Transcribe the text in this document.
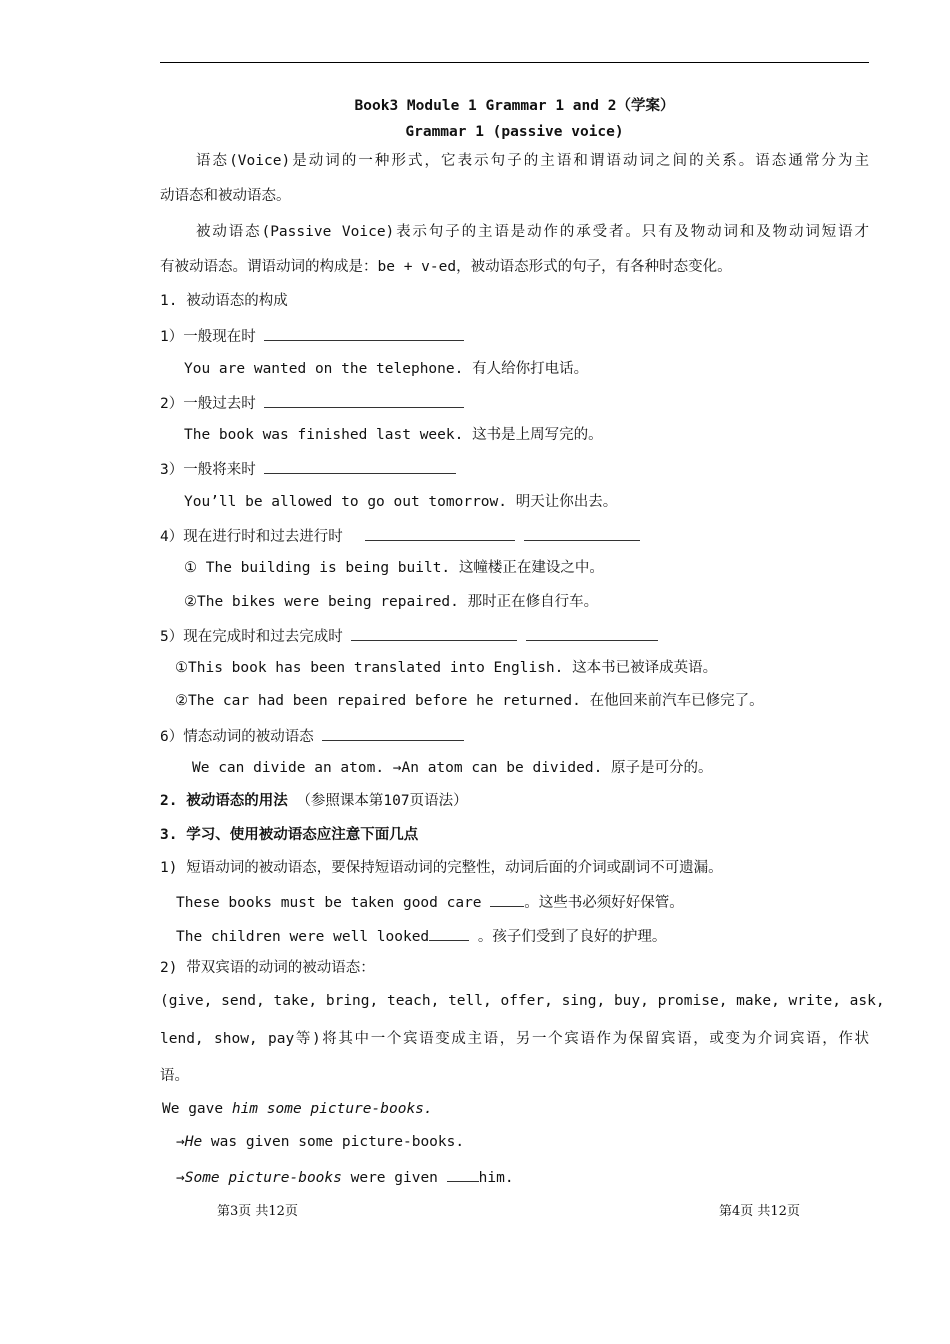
Book3 Module 1 Grammar 1 and 2（学案）
Grammar 1 (passive voice)
语态(Voice)是动词的一种形式，它表示句子的主语和谓语动词之间的关系。语态通常分为主
动语态和被动语态。
被动语态(Passive Voice)表示句子的主语是动作的承受者。只有及物动词和及物动词短语才
有被动语态。谓语动词的构成是：be + v-ed，被动语态形式的句子，有各种时态变化。
1. 被动语态的构成
1）一般现在时
You are wanted on the telephone. 有人给你打电话。
2）一般过去时
The book was finished last week. 这书是上周写完的。
3）一般将来时
You’ll be allowed to go out tomorrow. 明天让你出去。
4）现在进行时和过去进行时
① The building is being built. 这幢楼正在建设之中。
②The bikes were being repaired. 那时正在修自行车。
5）现在完成时和过去完成时
①This book has been translated into English. 这本书已被译成英语。
②The car had been repaired before he returned. 在他回来前汽车已修完了。
6）情态动词的被动语态
We can divide an atom. →An atom can be divided. 原子是可分的。
2. 被动语态的用法 （参照课本第107页语法）
3. 学习、使用被动语态应注意下面几点
1) 短语动词的被动语态，要保持短语动词的完整性，动词后面的介词或副词不可遗漏。
These books must be taken good care 。这些书必须好好保管。
The children were well looked	。孩子们受到了良好的护理。
2) 带双宾语的动词的被动语态：
(give, send, take, bring, teach, tell, offer, sing, buy, promise, make, write, ask,
lend, show, pay等)将其中一个宾语变成主语，另一个宾语作为保留宾语，或变为介词宾语，作状
语。
We gave him some picture-books.
→He was given some picture-books.
→Some picture-books were given him.
第3页 共12页	第4页 共12页
